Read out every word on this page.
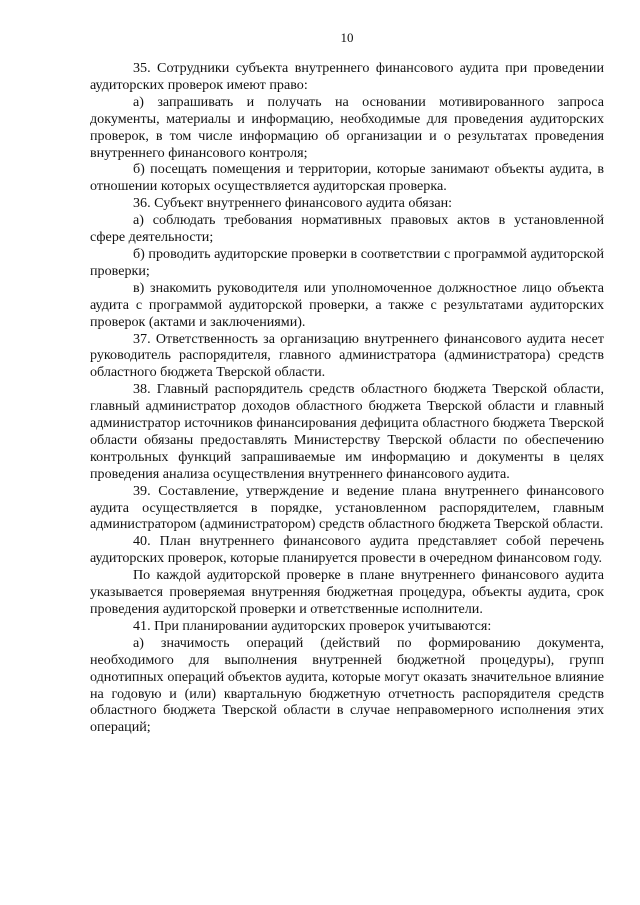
10

35. Сотрудники субъекта внутреннего финансового аудита при проведении аудиторских проверок имеют право:

а) запрашивать и получать на основании мотивированного запроса документы, материалы и информацию, необходимые для проведения аудиторских проверок, в том числе информацию об организации и о результатах проведения внутреннего финансового контроля;

б) посещать помещения и территории, которые занимают объекты аудита, в отношении которых осуществляется аудиторская проверка.

36. Субъект внутреннего финансового аудита обязан:

а) соблюдать требования нормативных правовых актов в установленной сфере деятельности;

б) проводить аудиторские проверки в соответствии с программой аудиторской проверки;

в) знакомить руководителя или уполномоченное должностное лицо объекта аудита с программой аудиторской проверки, а также с результатами аудиторских проверок (актами и заключениями).

37. Ответственность за организацию внутреннего финансового аудита несет руководитель распорядителя, главного администратора (администратора) средств областного бюджета Тверской области.

38. Главный распорядитель средств областного бюджета Тверской области, главный администратор доходов областного бюджета Тверской области и главный администратор источников финансирования дефицита областного бюджета Тверской области обязаны предоставлять Министерству Тверской области по обеспечению контрольных функций запрашиваемые им информацию и документы в целях проведения анализа осуществления внутреннего финансового аудита.

39. Составление, утверждение и ведение плана внутреннего финансового аудита осуществляется в порядке, установленном распорядителем, главным администратором (администратором) средств областного бюджета Тверской области.

40. План внутреннего финансового аудита представляет собой перечень аудиторских проверок, которые планируется провести в очередном финансовом году.

По каждой аудиторской проверке в плане внутреннего финансового аудита указывается проверяемая внутренняя бюджетная процедура, объекты аудита, срок проведения аудиторской проверки и ответственные исполнители.

41. При планировании аудиторских проверок учитываются:

а) значимость операций (действий по формированию документа, необходимого для выполнения внутренней бюджетной процедуры), групп однотипных операций объектов аудита, которые могут оказать значительное влияние на годовую и (или) квартальную бюджетную отчетность распорядителя средств областного бюджета Тверской области в случае неправомерного исполнения этих операций;
